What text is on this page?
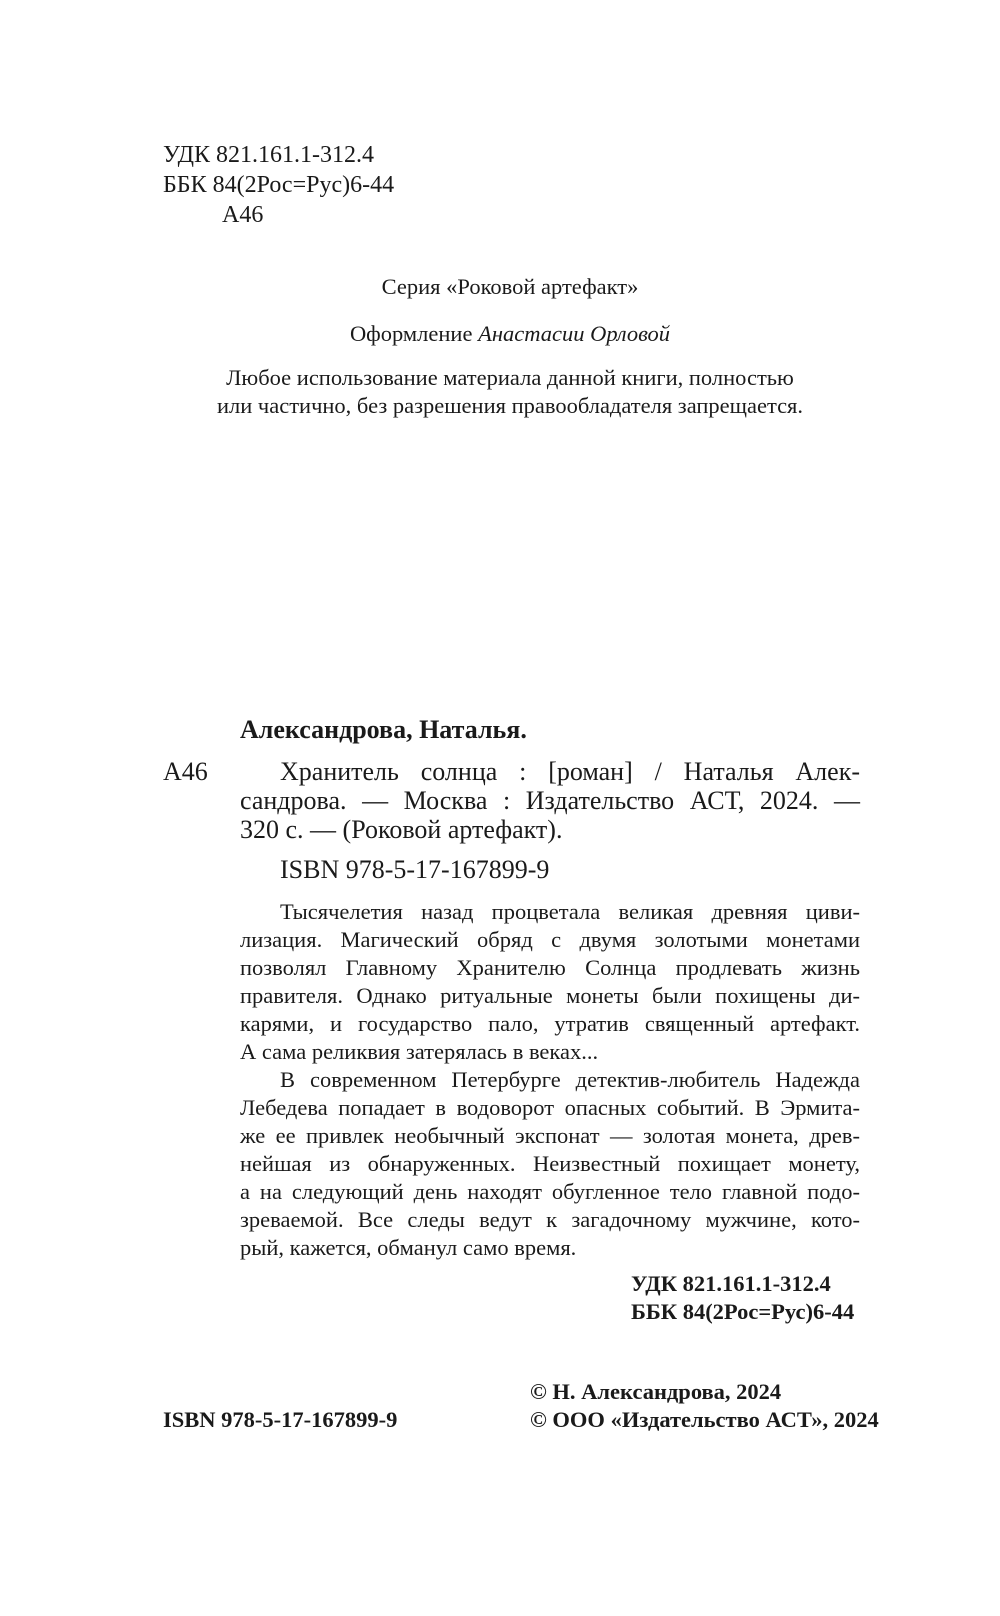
УДК 821.161.1-312.4
ББК 84(2Рос=Рус)6-44
А46
Серия «Роковой артефакт»
Оформление Анастасии Орловой
Любое использование материала данной книги, полностью
или частично, без разрешения правообладателя запрещается.
Александрова, Наталья.
А46	Хранитель солнца : [роман] / Наталья Алек-
сандрова. — Москва : Издательство АСТ, 2024. —
320 с. — (Роковой артефакт).
ISBN 978-5-17-167899-9
Тысячелетия назад процветала великая древняя циви-
лизация. Магический обряд с двумя золотыми монетами
позволял Главному Хранителю Солнца продлевать жизнь
правителя. Однако ритуальные монеты были похищены ди-
карями, и государство пало, утратив священный артефакт.
А сама реликвия затерялась в веках...
В современном Петербурге детектив-любитель Надежда
Лебедева попадает в водоворот опасных событий. В Эрмита-
же ее привлек необычный экспонат — золотая монета, древ-
нейшая из обнаруженных. Неизвестный похищает монету,
а на следующий день находят обугленное тело главной подо-
зреваемой. Все следы ведут к загадочному мужчине, кото-
рый, кажется, обманул само время.
УДК 821.161.1-312.4
ББК 84(2Рос=Рус)6-44
ISBN 978-5-17-167899-9
© Н. Александрова, 2024
© ООО «Издательство АСТ», 2024
